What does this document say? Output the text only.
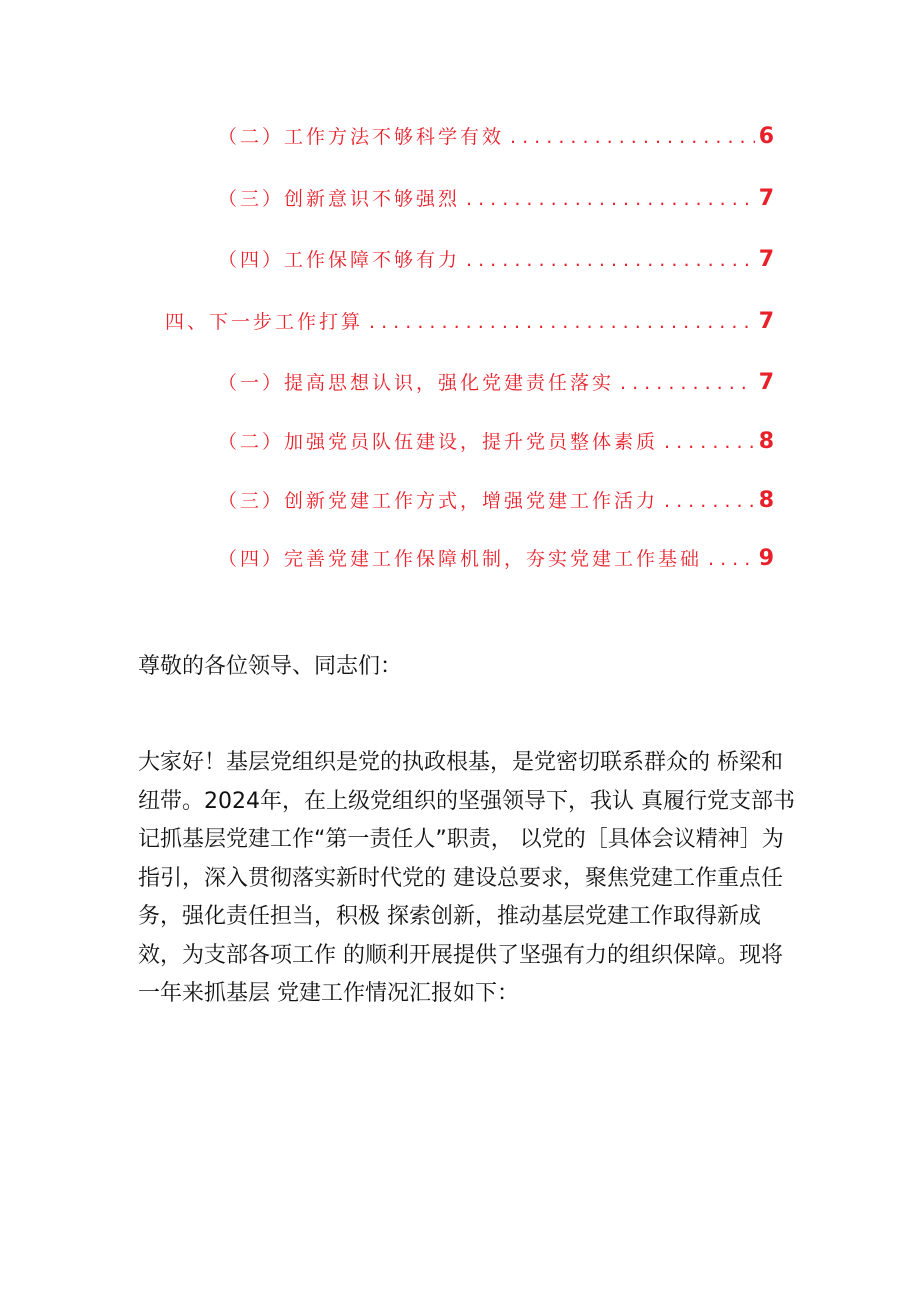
（二）工作方法不够科学有效 . . .	6
（三）创新意识不够强烈 . . .	7
（四）工作保障不够有力 . . .	7
四、下一步工作打算 . . .	7
（一）提高思想认识，强化党建责任落实 . . .	7
（二）加强党员队伍建设，提升党员整体素质 . . .	8
（三）创新党建工作方式，增强党建工作活力 . . .	8
（四）完善党建工作保障机制，夯实党建工作基础 . . .	9
尊敬的各位领导、同志们：
大家好！基层党组织是党的执政根基，是党密切联系群众的 桥梁和纽带。2024年，在上级党组织的坚强领导下，我认 真履行党支部书记抓基层党建工作“第一责任人”职责， 以党的［具体会议精神］为指引，深入贯彻落实新时代党的 建设总要求，聚焦党建工作重点任务，强化责任担当，积极 探索创新，推动基层党建工作取得新成效，为支部各项工作 的顺利开展提供了坚强有力的组织保障。现将一年来抓基层 党建工作情况汇报如下：
